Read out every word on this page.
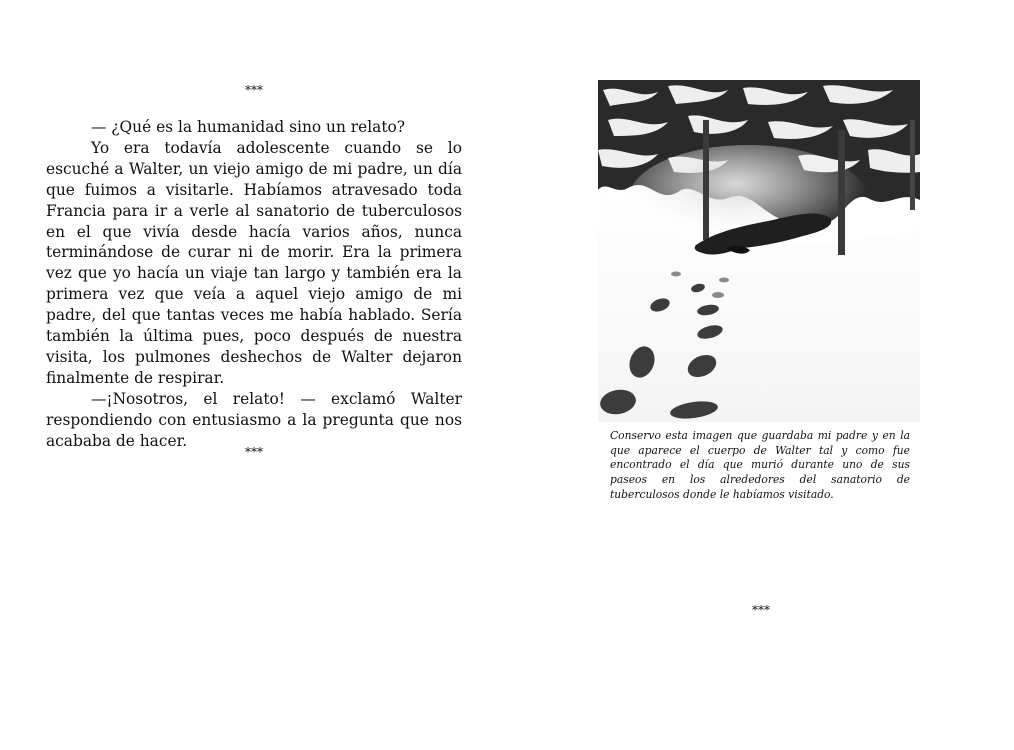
***

— ¿Qué es la humanidad sino un relato?

Yo era todavía adolescente cuando se lo escuché a Walter, un viejo amigo de mi padre, un día que fuimos a visitarle. Habíamos atravesado toda Francia para ir a verle al sanatorio de tuberculosos en el que vivía desde hacía varios años, nunca terminándose de curar ni de morir. Era la primera vez que yo hacía un viaje tan largo y también era la primera vez que veía a aquel viejo amigo de mi padre, del que tantas veces me había hablado. Sería también la última pues, poco después de nuestra visita, los pulmones deshechos de Walter dejaron finalmente de respirar.

—¡Nosotros, el relato! — exclamó Walter respondiendo con entusiasmo a la pregunta que nos acababa de hacer.

***

Conservo esta imagen que guardaba mi padre y en la que aparece el cuerpo de Walter tal y como fue encontrado el día que murió durante uno de sus paseos en los alrededores del sanatorio de tuberculosos donde le habíamos visitado.

***
